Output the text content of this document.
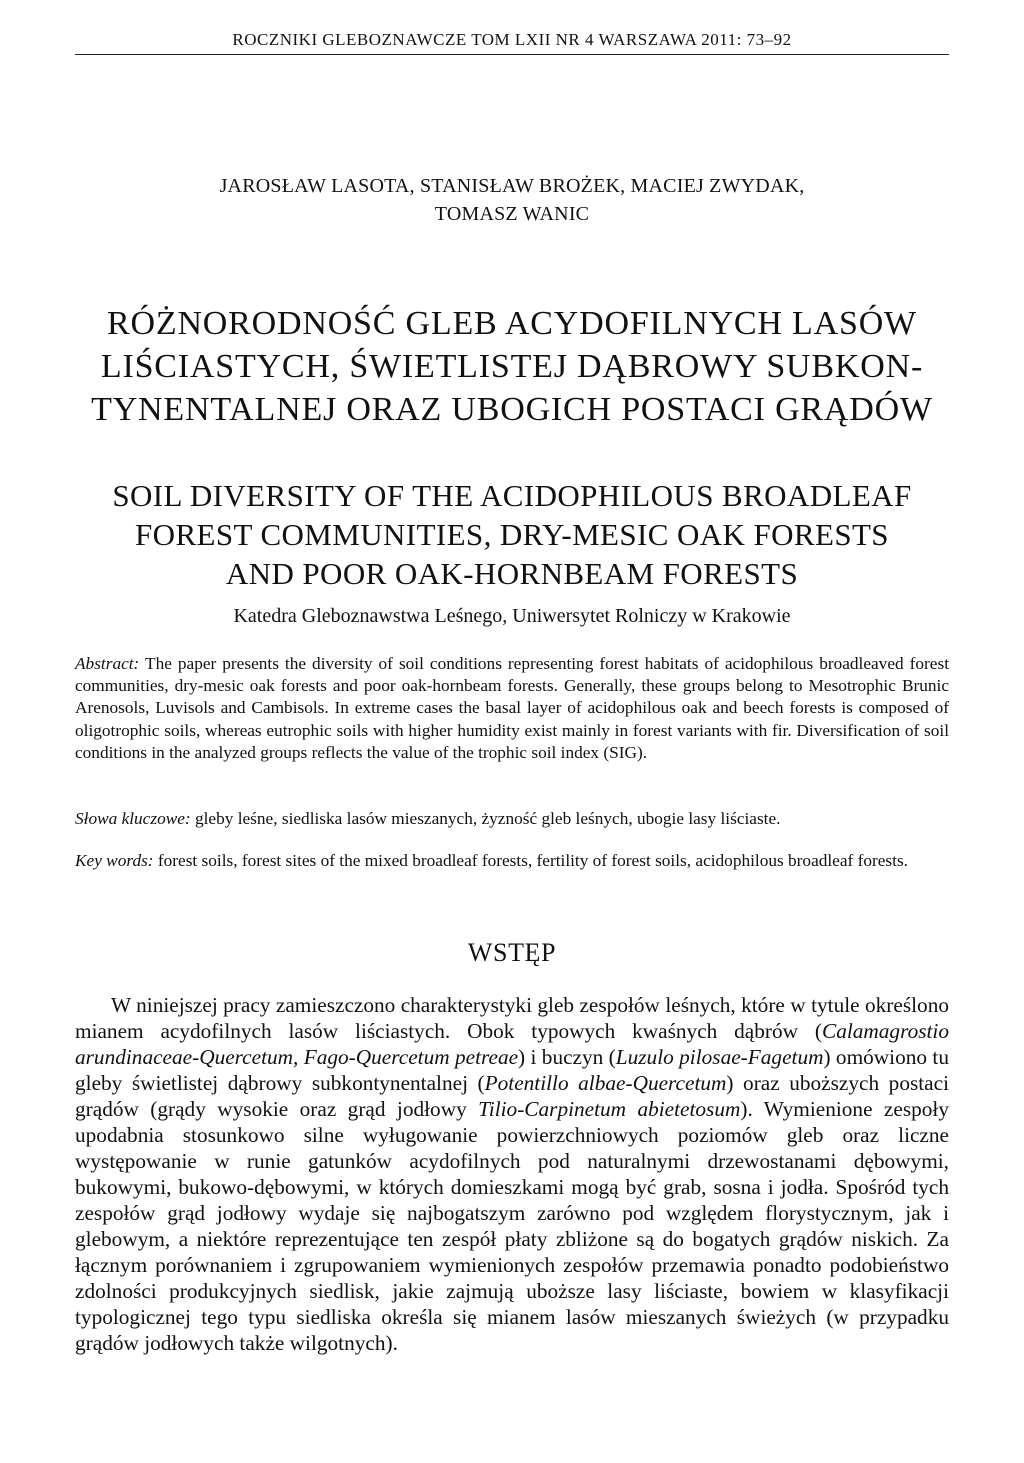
ROCZNIKI GLEBOZNAWCZE TOM LXII NR 4 WARSZAWA 2011: 73–92
JAROSŁAW LASOTA, STANISŁAW BROŻEK, MACIEJ ZWYDAK,
TOMASZ WANIC
RÓŻNORODNOŚĆ GLEB ACYDOFILNYCH LASÓW
LIŚCIASTYCH, ŚWIETLISTEJ DĄBROWY SUBKON-
TYNENTALNEJ ORAZ UBOGICH POSTACI GRĄDÓW
SOIL DIVERSITY OF THE ACIDOPHILOUS BROADLEAF
FOREST COMMUNITIES, DRY-MESIC OAK FORESTS
AND POOR OAK-HORNBEAM FORESTS
Katedra Gleboznawstwa Leśnego, Uniwersytet Rolniczy w Krakowie
Abstract: The paper presents the diversity of soil conditions representing forest habitats of acidophilous broadleaved forest communities, dry-mesic oak forests and poor oak-hornbeam forests. Generally, these groups belong to Mesotrophic Brunic Arenosols, Luvisols and Cambisols. In extreme cases the basal layer of acidophilous oak and beech forests is composed of oligotrophic soils, whereas eutrophic soils with higher humidity exist mainly in forest variants with fir. Diversification of soil conditions in the analyzed groups reflects the value of the trophic soil index (SIG).
Słowa kluczowe: gleby leśne, siedliska lasów mieszanych, żyzność gleb leśnych, ubogie lasy liściaste.
Key words: forest soils, forest sites of the mixed broadleaf forests, fertility of forest soils, acidophilous broadleaf forests.
WSTĘP
W niniejszej pracy zamieszczono charakterystyki gleb zespołów leśnych, które w tytule określono mianem acydofilnych lasów liściastych. Obok typowych kwaśnych dąbrów (Calamagrostio arundinaceae-Quercetum, Fago-Quercetum petreae) i buczyn (Luzulo pilosae-Fagetum) omówiono tu gleby świetlistej dąbrowy subkontynentalnej (Potentillo albae-Quercetum) oraz uboższych postaci grądów (grądy wysokie oraz grąd jodłowy Tilio-Carpinetum abietetosum). Wymienione zespoły upodabnia stosunkowo silne wyługowanie powierzchniowych poziomów gleb oraz liczne występowanie w runie gatunków acydofilnych pod naturalnymi drzewostanami dębowymi, bukowymi, bukowo-dębowymi, w których domieszkami mogą być grab, sosna i jodła. Spośród tych zespołów grąd jodłowy wydaje się najbogatszym zarówno pod względem florystycznym, jak i glebowym, a niektóre reprezentujące ten zespół płaty zbliżone są do bogatych grądów niskich. Za łącznym porównaniem i zgrupowaniem wymienionych zespołów przemawia ponadto podobieństwo zdolności produkcyjnych siedlisk, jakie zajmują uboższe lasy liściaste, bowiem w klasyfikacji typologicznej tego typu siedliska określa się mianem lasów mieszanych świeżych (w przypadku grądów jodłowych także wilgotnych).
